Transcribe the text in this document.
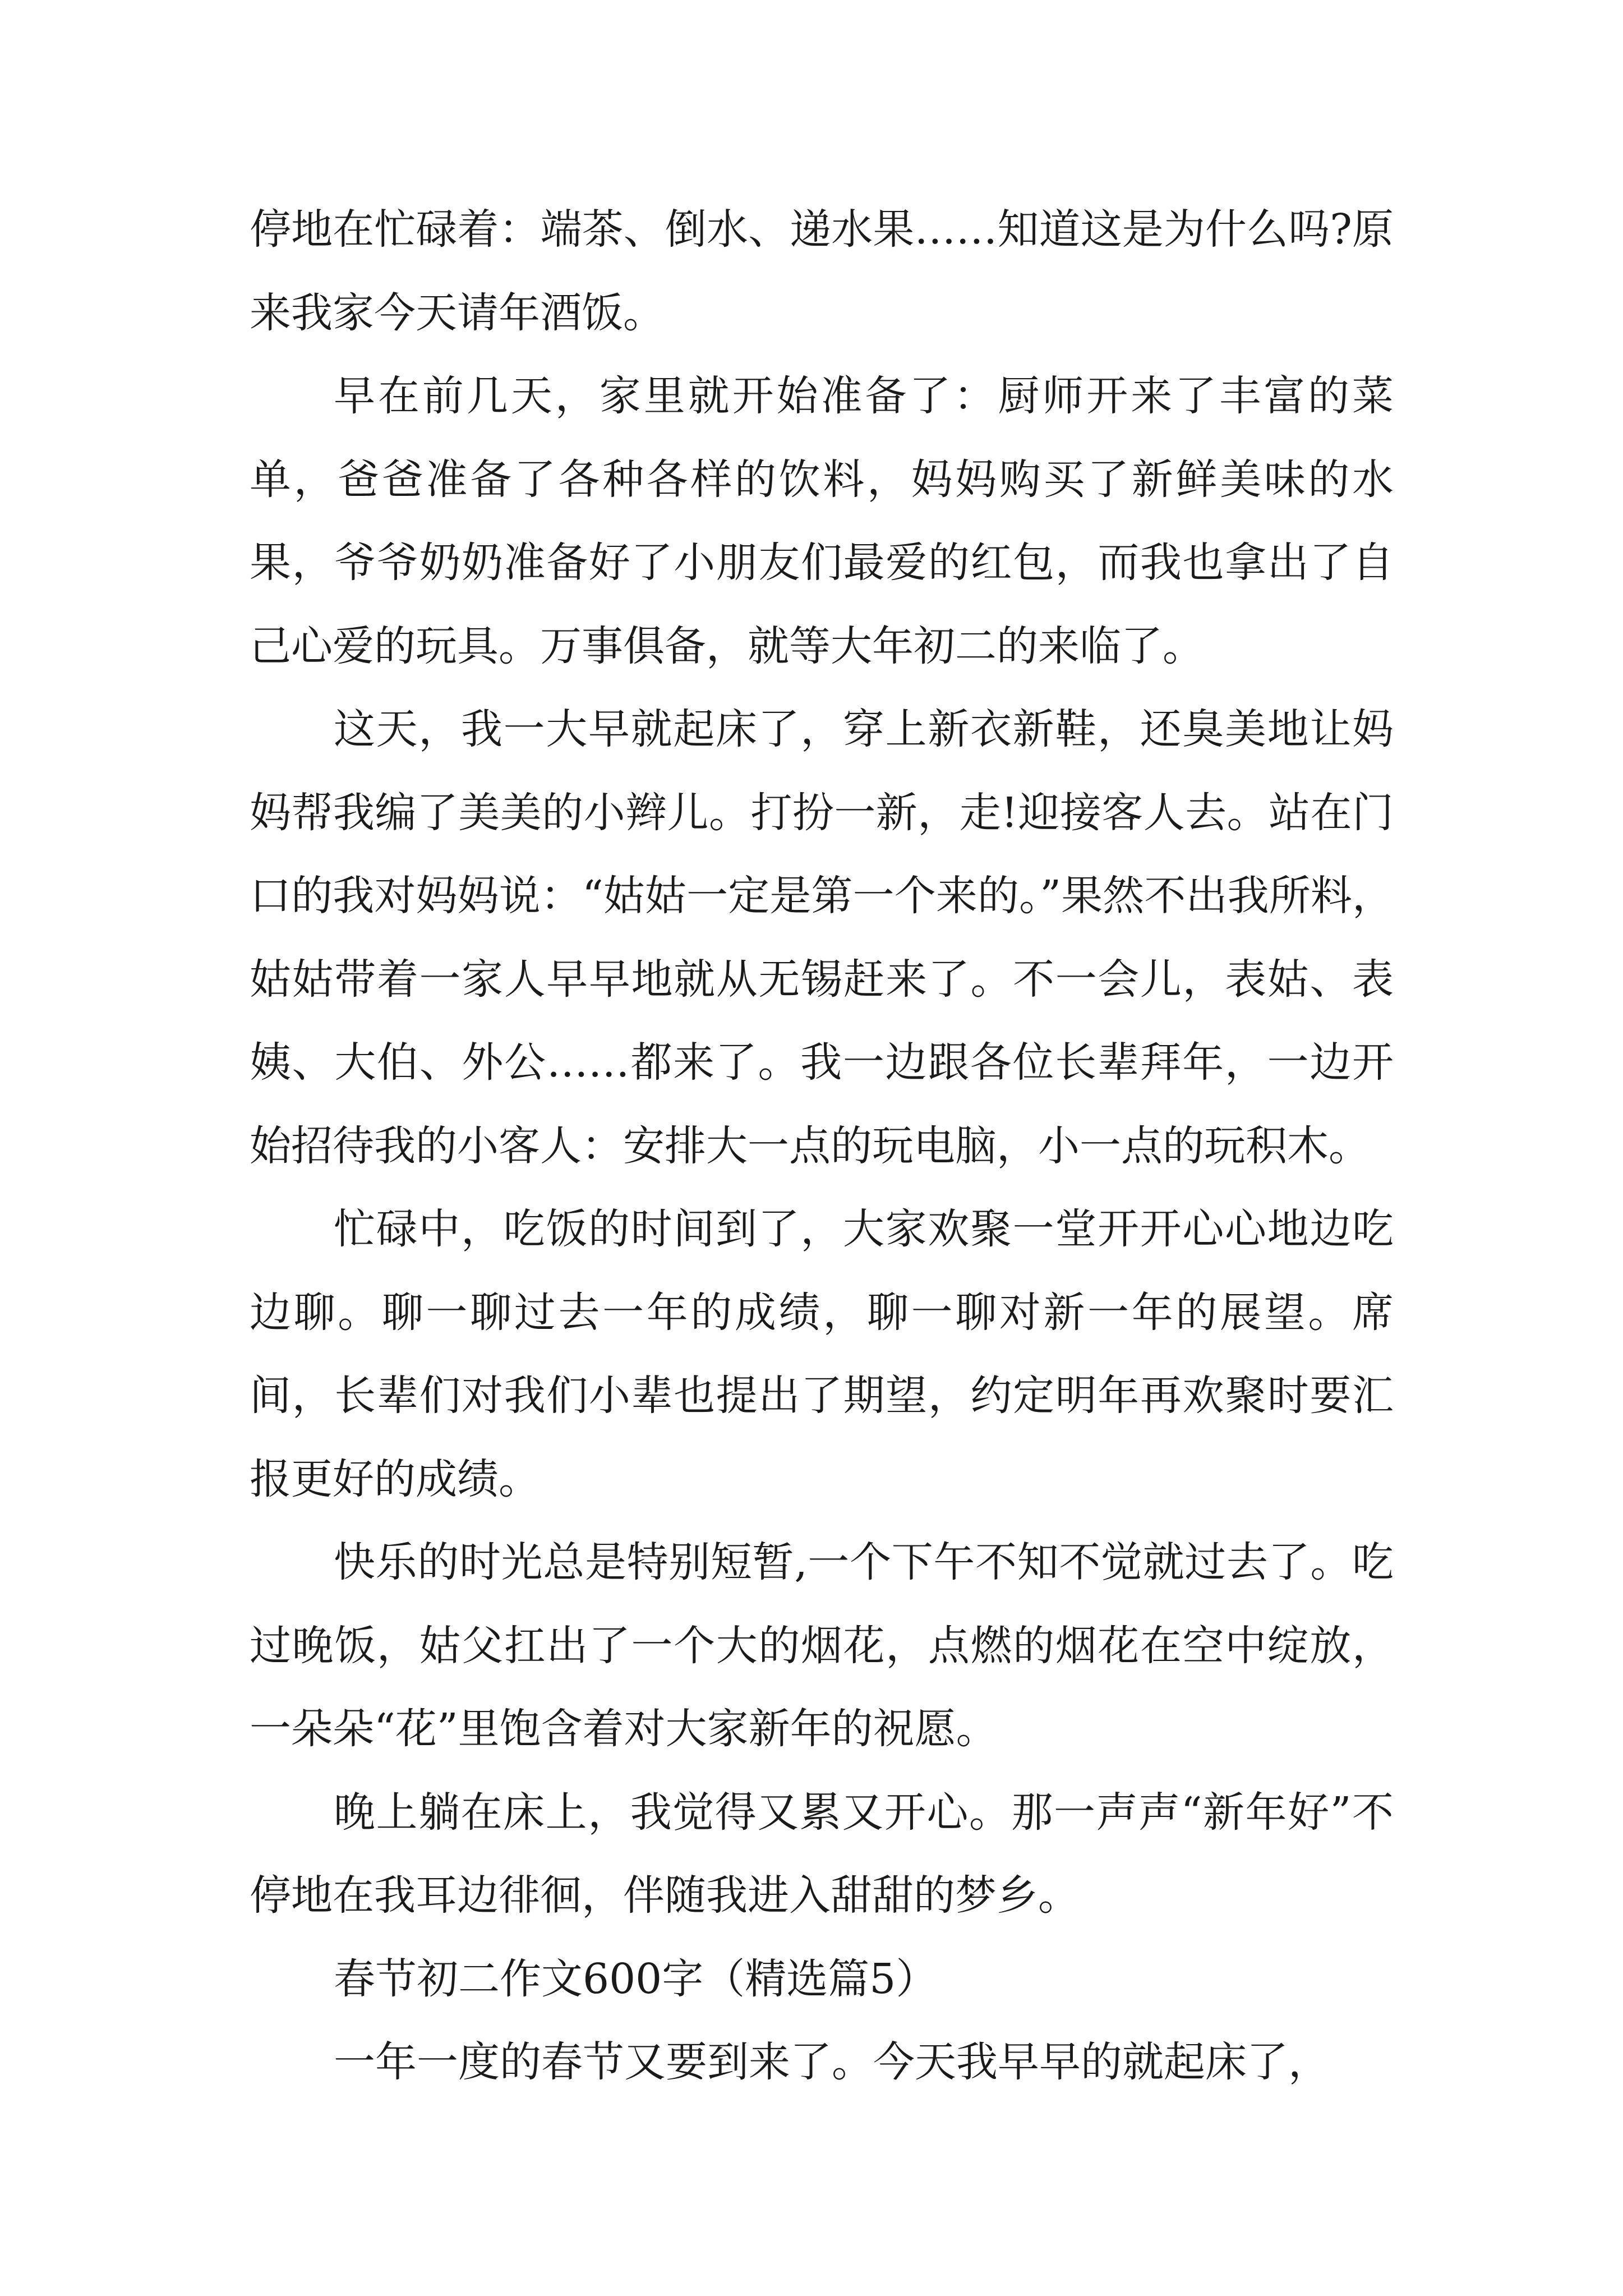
停地在忙碌着：端茶、倒水、递水果……知道这是为什么吗?原来我家今天请年酒饭。

早在前几天，家里就开始准备了：厨师开来了丰富的菜单，爸爸准备了各种各样的饮料，妈妈购买了新鲜美味的水果，爷爷奶奶准备好了小朋友们最爱的红包，而我也拿出了自己心爱的玩具。万事俱备，就等大年初二的来临了。

这天，我一大早就起床了，穿上新衣新鞋，还臭美地让妈妈帮我编了美美的小辫儿。打扮一新，走!迎接客人去。站在门口的我对妈妈说：“姑姑一定是第一个来的。”果然不出我所料，姑姑带着一家人早早地就从无锡赶来了。不一会儿，表姑、表姨、大伯、外公……都来了。我一边跟各位长辈拜年，一边开始招待我的小客人：安排大一点的玩电脑，小一点的玩积木。

忙碌中，吃饭的时间到了，大家欢聚一堂开开心心地边吃边聊。聊一聊过去一年的成绩，聊一聊对新一年的展望。席间，长辈们对我们小辈也提出了期望，约定明年再欢聚时要汇报更好的成绩。

快乐的时光总是特别短暂,一个下午不知不觉就过去了。吃过晚饭，姑父扛出了一个大的烟花，点燃的烟花在空中绽放，一朵朵“花”里饱含着对大家新年的祝愿。

晚上躺在床上，我觉得又累又开心。那一声声“新年好”不停地在我耳边徘徊，伴随我进入甜甜的梦乡。

春节初二作文600字（精选篇5）

一年一度的春节又要到来了。今天我早早的就起床了，
